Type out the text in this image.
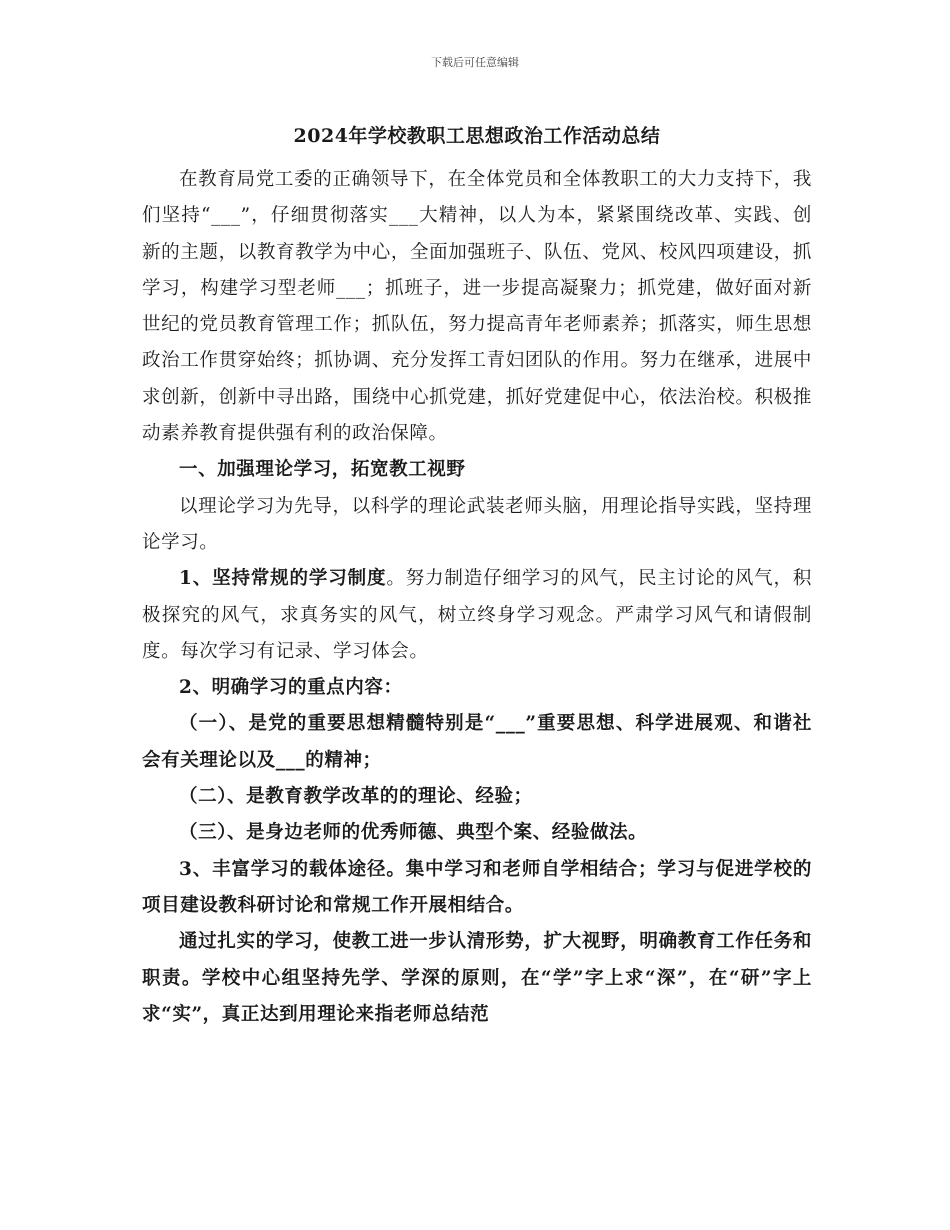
下载后可任意编辑
2024年学校教职工思想政治工作活动总结

在教育局党工委的正确领导下，在全体党员和全体教职工的大力支持下，我们坚持“___”，仔细贯彻落实___大精神，以人为本，紧紧围绕改革、实践、创新的主题，以教育教学为中心，全面加强班子、队伍、党风、校风四项建设，抓学习，构建学习型老师___；抓班子，进一步提高凝聚力；抓党建，做好面对新世纪的党员教育管理工作；抓队伍，努力提高青年老师素养；抓落实，师生思想政治工作贯穿始终；抓协调、充分发挥工青妇团队的作用。努力在继承，进展中求创新，创新中寻出路，围绕中心抓党建，抓好党建促中心，依法治校。积极推动素养教育提供强有利的政治保障。

一、加强理论学习，拓宽教工视野

以理论学习为先导，以科学的理论武装老师头脑，用理论指导实践，坚持理论学习。

1、坚持常规的学习制度。努力制造仔细学习的风气，民主讨论的风气，积极探究的风气，求真务实的风气，树立终身学习观念。严肃学习风气和请假制度。每次学习有记录、学习体会。

2、明确学习的重点内容：

（一）、是党的重要思想精髓特别是“___”重要思想、科学进展观、和谐社会有关理论以及___的精神；

（二）、是教育教学改革的的理论、经验；

（三）、是身边老师的优秀师德、典型个案、经验做法。

3、丰富学习的载体途径。集中学习和老师自学相结合；学习与促进学校的项目建设教科研讨论和常规工作开展相结合。

通过扎实的学习，使教工进一步认清形势，扩大视野，明确教育工作任务和职责。学校中心组坚持先学、学深的原则，在“学”字上求“深”，在“研”字上求“实”，真正达到用理论来指老师总结范
